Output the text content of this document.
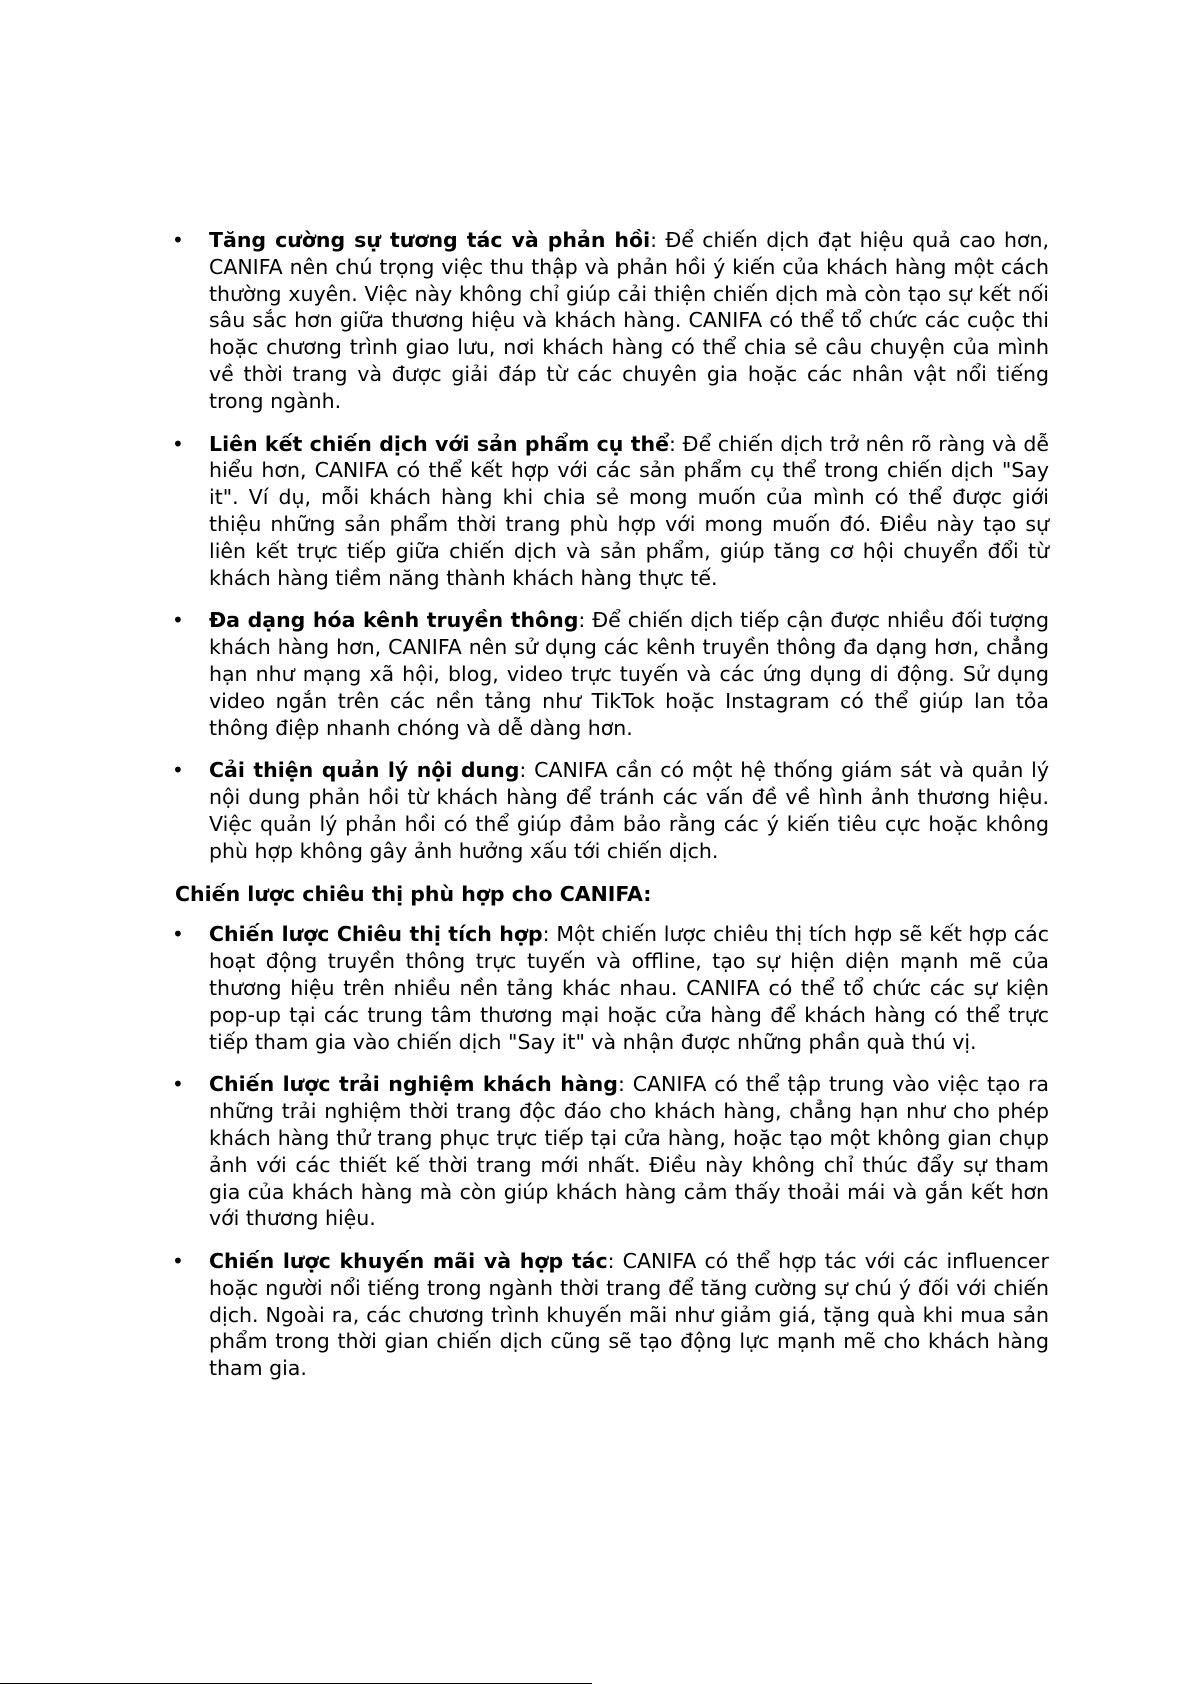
• Tăng cường sự tương tác và phản hồi: Để chiến dịch đạt hiệu quả cao hơn, CANIFA nên chú trọng việc thu thập và phản hồi ý kiến của khách hàng một cách thường xuyên. Việc này không chỉ giúp cải thiện chiến dịch mà còn tạo sự kết nối sâu sắc hơn giữa thương hiệu và khách hàng. CANIFA có thể tổ chức các cuộc thi hoặc chương trình giao lưu, nơi khách hàng có thể chia sẻ câu chuyện của mình về thời trang và được giải đáp từ các chuyên gia hoặc các nhân vật nổi tiếng trong ngành.
• Liên kết chiến dịch với sản phẩm cụ thể: Để chiến dịch trở nên rõ ràng và dễ hiểu hơn, CANIFA có thể kết hợp với các sản phẩm cụ thể trong chiến dịch "Say it". Ví dụ, mỗi khách hàng khi chia sẻ mong muốn của mình có thể được giới thiệu những sản phẩm thời trang phù hợp với mong muốn đó. Điều này tạo sự liên kết trực tiếp giữa chiến dịch và sản phẩm, giúp tăng cơ hội chuyển đổi từ khách hàng tiềm năng thành khách hàng thực tế.
• Đa dạng hóa kênh truyền thông: Để chiến dịch tiếp cận được nhiều đối tượng khách hàng hơn, CANIFA nên sử dụng các kênh truyền thông đa dạng hơn, chẳng hạn như mạng xã hội, blog, video trực tuyến và các ứng dụng di động. Sử dụng video ngắn trên các nền tảng như TikTok hoặc Instagram có thể giúp lan tỏa thông điệp nhanh chóng và dễ dàng hơn.
• Cải thiện quản lý nội dung: CANIFA cần có một hệ thống giám sát và quản lý nội dung phản hồi từ khách hàng để tránh các vấn đề về hình ảnh thương hiệu. Việc quản lý phản hồi có thể giúp đảm bảo rằng các ý kiến tiêu cực hoặc không phù hợp không gây ảnh hưởng xấu tới chiến dịch.

Chiến lược chiêu thị phù hợp cho CANIFA:

• Chiến lược Chiêu thị tích hợp: Một chiến lược chiêu thị tích hợp sẽ kết hợp các hoạt động truyền thông trực tuyến và offline, tạo sự hiện diện mạnh mẽ của thương hiệu trên nhiều nền tảng khác nhau. CANIFA có thể tổ chức các sự kiện pop-up tại các trung tâm thương mại hoặc cửa hàng để khách hàng có thể trực tiếp tham gia vào chiến dịch "Say it" và nhận được những phần quà thú vị.
• Chiến lược trải nghiệm khách hàng: CANIFA có thể tập trung vào việc tạo ra những trải nghiệm thời trang độc đáo cho khách hàng, chẳng hạn như cho phép khách hàng thử trang phục trực tiếp tại cửa hàng, hoặc tạo một không gian chụp ảnh với các thiết kế thời trang mới nhất. Điều này không chỉ thúc đẩy sự tham gia của khách hàng mà còn giúp khách hàng cảm thấy thoải mái và gắn kết hơn với thương hiệu.
• Chiến lược khuyến mãi và hợp tác: CANIFA có thể hợp tác với các influencer hoặc người nổi tiếng trong ngành thời trang để tăng cường sự chú ý đối với chiến dịch. Ngoài ra, các chương trình khuyến mãi như giảm giá, tặng quà khi mua sản phẩm trong thời gian chiến dịch cũng sẽ tạo động lực mạnh mẽ cho khách hàng tham gia.
